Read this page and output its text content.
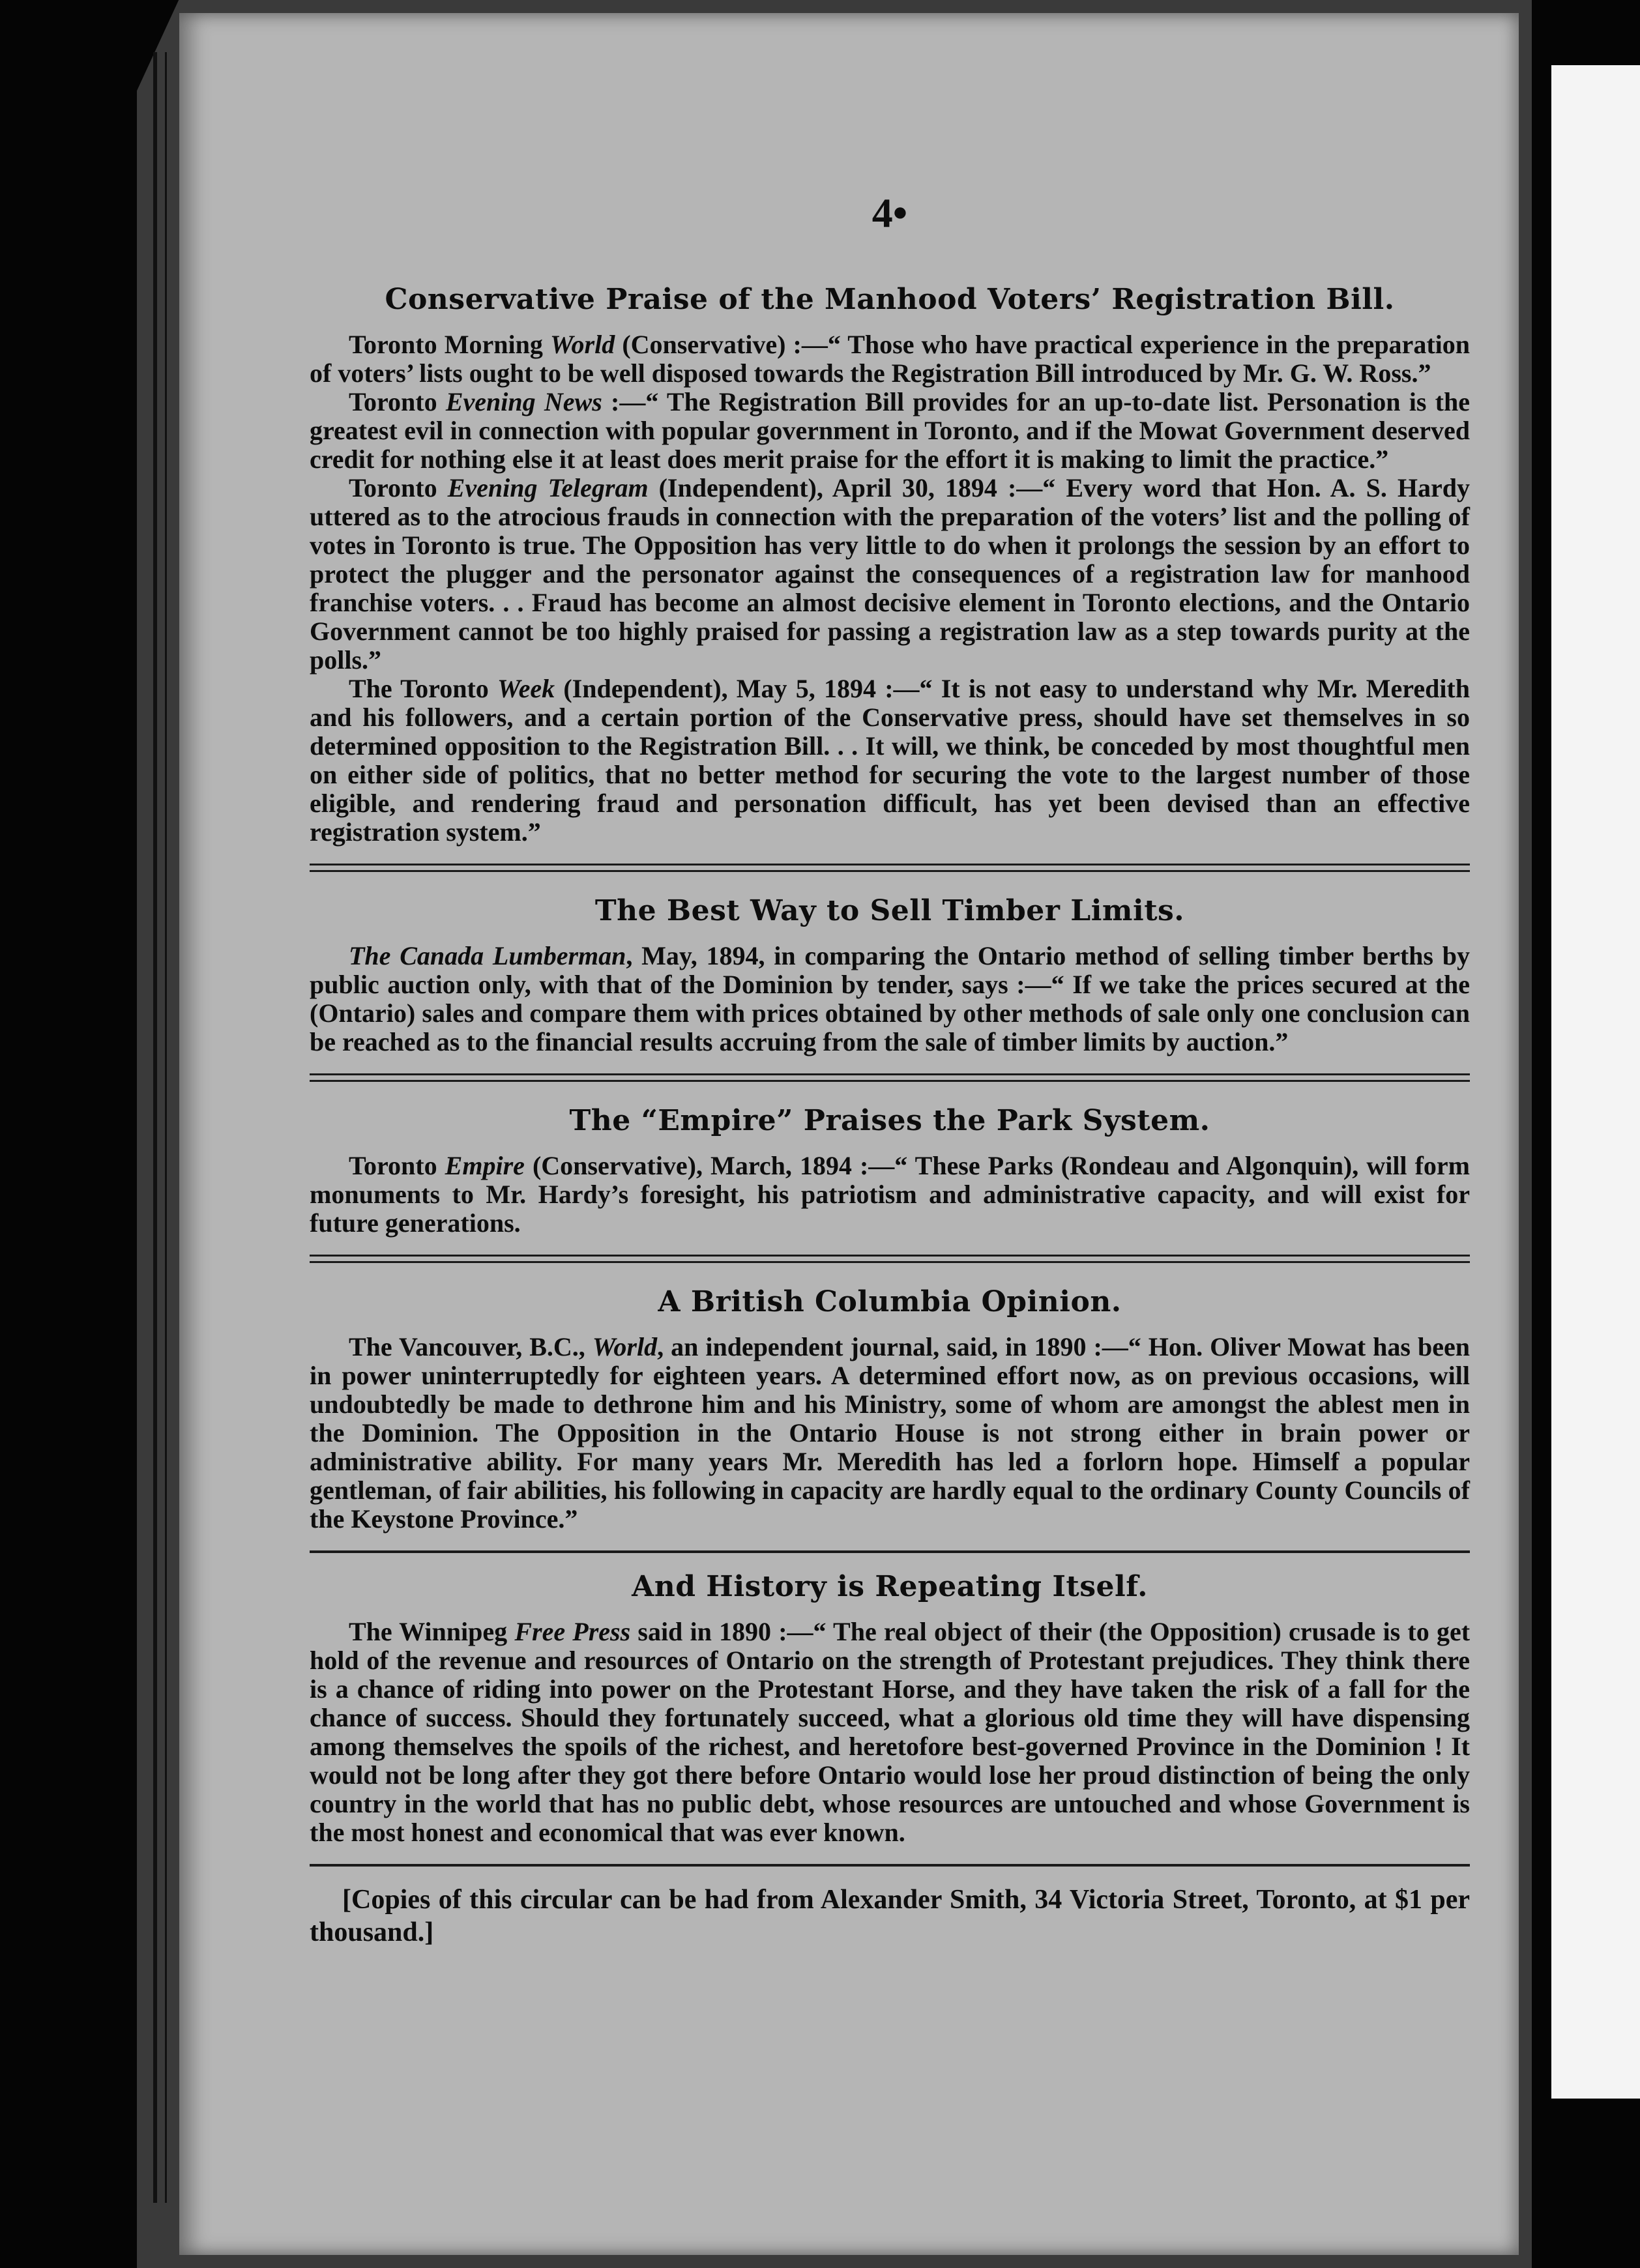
4•
Conservative Praise of the Manhood Voters’ Registration Bill.

Toronto Morning World (Conservative) :—“ Those who have practical experience in the preparation of voters’ lists ought to be well disposed towards the Registration Bill introduced by Mr. G. W. Ross.”

Toronto Evening News :—“ The Registration Bill provides for an up-to-date list. Personation is the greatest evil in connection with popular government in Toronto, and if the Mowat Government deserved credit for nothing else it at least does merit praise for the effort it is making to limit the practice.”

Toronto Evening Telegram (Independent), April 30, 1894 :—“ Every word that Hon. A. S. Hardy uttered as to the atrocious frauds in connection with the preparation of the voters’ list and the polling of votes in Toronto is true. The Opposition has very little to do when it prolongs the session by an effort to protect the plugger and the personator against the consequences of a registration law for manhood franchise voters. . . Fraud has become an almost decisive element in Toronto elections, and the Ontario Government cannot be too highly praised for passing a registration law as a step towards purity at the polls.”

The Toronto Week (Independent), May 5, 1894 :—“ It is not easy to understand why Mr. Meredith and his followers, and a certain portion of the Conservative press, should have set themselves in so determined opposition to the Registration Bill. . . It will, we think, be conceded by most thoughtful men on either side of politics, that no better method for securing the vote to the largest number of those eligible, and rendering fraud and personation difficult, has yet been devised than an effective registration system.”

The Best Way to Sell Timber Limits.

The Canada Lumberman, May, 1894, in comparing the Ontario method of selling timber berths by public auction only, with that of the Dominion by tender, says :—“ If we take the prices secured at the (Ontario) sales and compare them with prices obtained by other methods of sale only one conclusion can be reached as to the financial results accruing from the sale of timber limits by auction.”

The “Empire” Praises the Park System.

Toronto Empire (Conservative), March, 1894 :—“ These Parks (Rondeau and Algonquin), will form monuments to Mr. Hardy’s foresight, his patriotism and administrative capacity, and will exist for future generations.

A British Columbia Opinion.

The Vancouver, B.C., World, an independent journal, said, in 1890 :—“ Hon. Oliver Mowat has been in power uninterruptedly for eighteen years. A determined effort now, as on previous occasions, will undoubtedly be made to dethrone him and his Ministry, some of whom are amongst the ablest men in the Dominion. The Opposition in the Ontario House is not strong either in brain power or administrative ability. For many years Mr. Meredith has led a forlorn hope. Himself a popular gentleman, of fair abilities, his following in capacity are hardly equal to the ordinary County Councils of the Keystone Province.”

And History is Repeating Itself.

The Winnipeg Free Press said in 1890 :—“ The real object of their (the Opposition) crusade is to get hold of the revenue and resources of Ontario on the strength of Protestant prejudices. They think there is a chance of riding into power on the Protestant Horse, and they have taken the risk of a fall for the chance of success. Should they fortunately succeed, what a glorious old time they will have dispensing among themselves the spoils of the richest, and heretofore best-governed Province in the Dominion ! It would not be long after they got there before Ontario would lose her proud distinction of being the only country in the world that has no public debt, whose resources are untouched and whose Government is the most honest and economical that was ever known.

[Copies of this circular can be had from Alexander Smith, 34 Victoria Street, Toronto, at $1 per thousand.]
